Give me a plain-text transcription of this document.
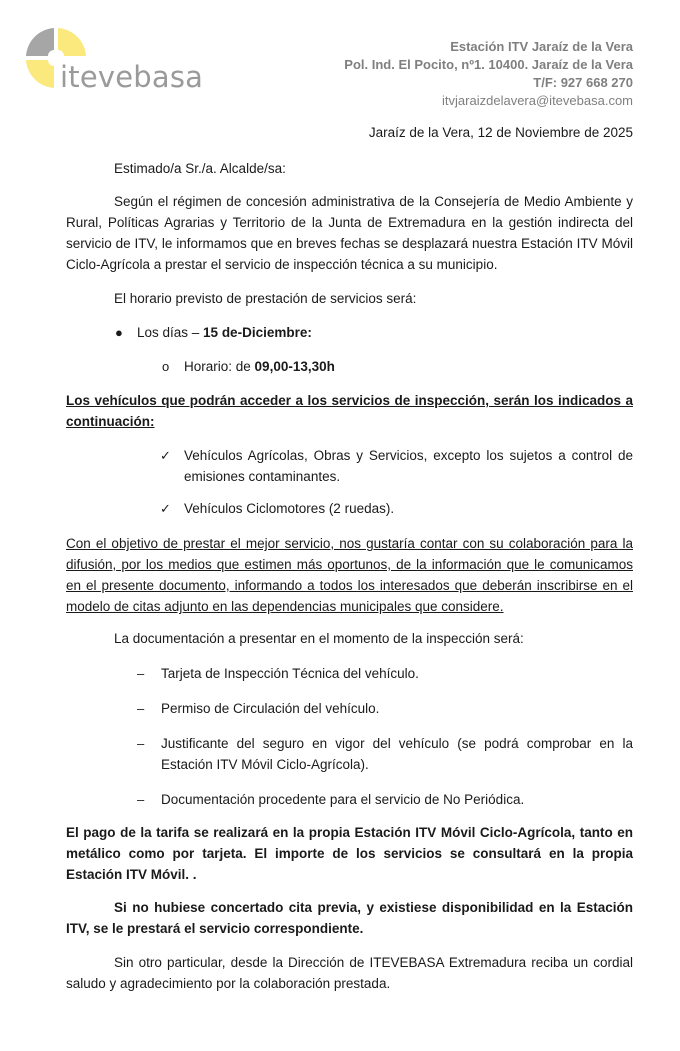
itevebasa
Estación ITV Jaraíz de la Vera
Pol. Ind. El Pocito, nº1. 10400. Jaraíz de la Vera
T/F: 927 668 270
itvjaraizdelavera@itevebasa.com
Jaraíz de la Vera, 12 de Noviembre de 2025

Estimado/a Sr./a. Alcalde/sa:

Según el régimen de concesión administrativa de la Consejería de Medio Ambiente y Rural, Políticas Agrarias y Territorio de la Junta de Extremadura en la gestión indirecta del servicio de ITV, le informamos que en breves fechas se desplazará nuestra Estación ITV Móvil Ciclo-Agrícola a prestar el servicio de inspección técnica a su municipio.

El horario previsto de prestación de servicios será:

● Los días – 15 de-Diciembre:
o Horario: de 09,00-13,30h

Los vehículos que podrán acceder a los servicios de inspección, serán los indicados a continuación:

✓ Vehículos Agrícolas, Obras y Servicios, excepto los sujetos a control de emisiones contaminantes.

✓ Vehículos Ciclomotores (2 ruedas).

Con el objetivo de prestar el mejor servicio, nos gustaría contar con su colaboración para la difusión, por los medios que estimen más oportunos, de la información que le comunicamos en el presente documento, informando a todos los interesados que deberán inscribirse en el modelo de citas adjunto en las dependencias municipales que considere.

La documentación a presentar en el momento de la inspección será:

– Tarjeta de Inspección Técnica del vehículo.

– Permiso de Circulación del vehículo.

– Justificante del seguro en vigor del vehículo (se podrá comprobar en la Estación ITV Móvil Ciclo-Agrícola).

– Documentación procedente para el servicio de No Periódica.

El pago de la tarifa se realizará en la propia Estación ITV Móvil Ciclo-Agrícola, tanto en metálico como por tarjeta. El importe de los servicios se consultará en la propia Estación ITV Móvil. .

Si no hubiese concertado cita previa, y existiese disponibilidad en la Estación ITV, se le prestará el servicio correspondiente.

Sin otro particular, desde la Dirección de ITEVEBASA Extremadura reciba un cordial saludo y agradecimiento por la colaboración prestada.
